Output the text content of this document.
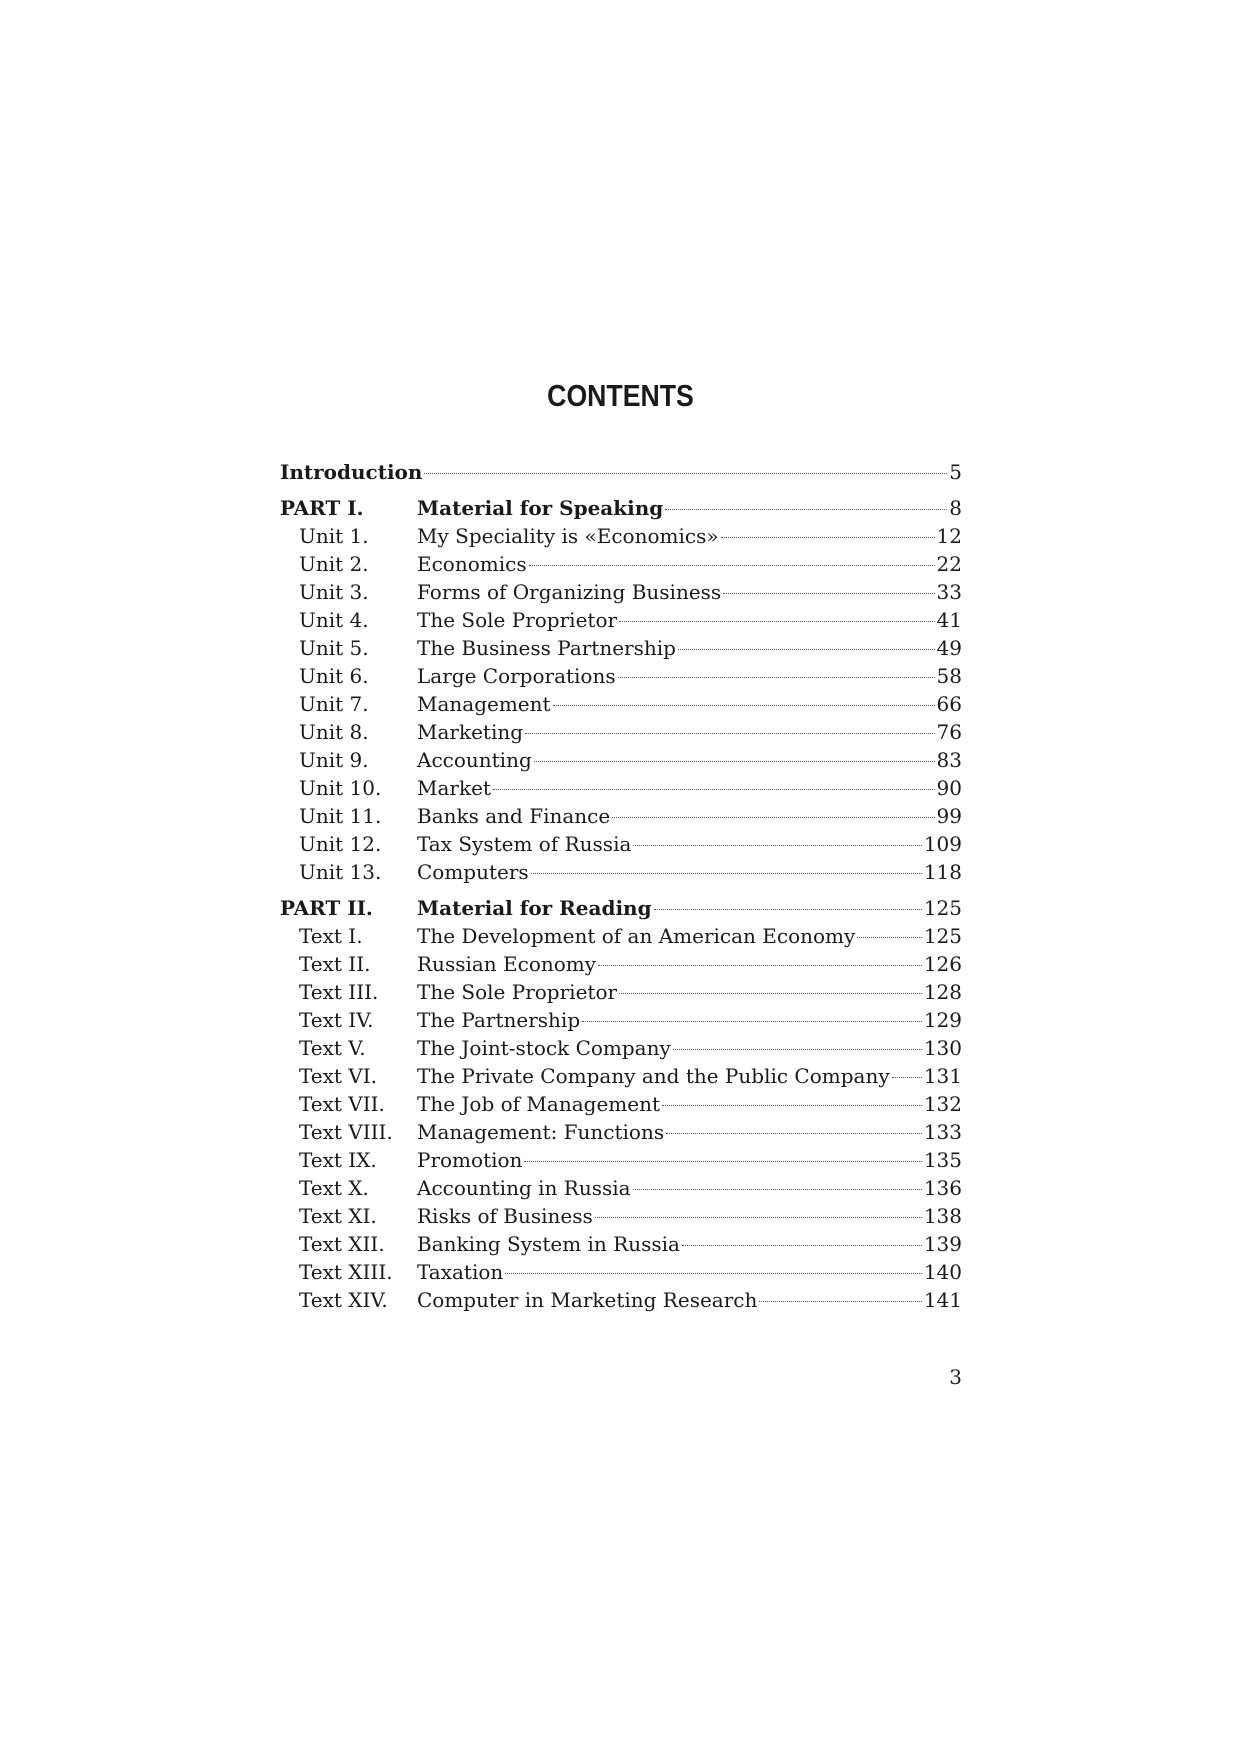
CONTENTS
Introduction	5
PART I.	Material for Speaking	8
Unit 1.	My Speciality is «Economics»	12
Unit 2.	Economics	22
Unit 3.	Forms of Organizing Business	33
Unit 4.	The Sole Proprietor	41
Unit 5.	The Business Partnership	49
Unit 6.	Large Corporations	58
Unit 7.	Management	66
Unit 8.	Marketing	76
Unit 9.	Accounting	83
Unit 10.	Market	90
Unit 11.	Banks and Finance	99
Unit 12.	Tax System of Russia	109
Unit 13.	Computers	118
PART II.	Material for Reading	125
Text I.	The Development of an American Economy	125
Text II.	Russian Economy	126
Text III.	The Sole Proprietor	128
Text IV.	The Partnership	129
Text V.	The Joint-stock Company	130
Text VI.	The Private Company and the Public Company 131
Text VII.	The Job of Management	132
Text VIII.	Management: Functions	133
Text IX.	Promotion	135
Text X.	Accounting in Russia	136
Text XI.	Risks of Business	138
Text XII.	Banking System in Russia	139
Text XIII.	Taxation	140
Text XIV.	Computer in Marketing Research	141
3
